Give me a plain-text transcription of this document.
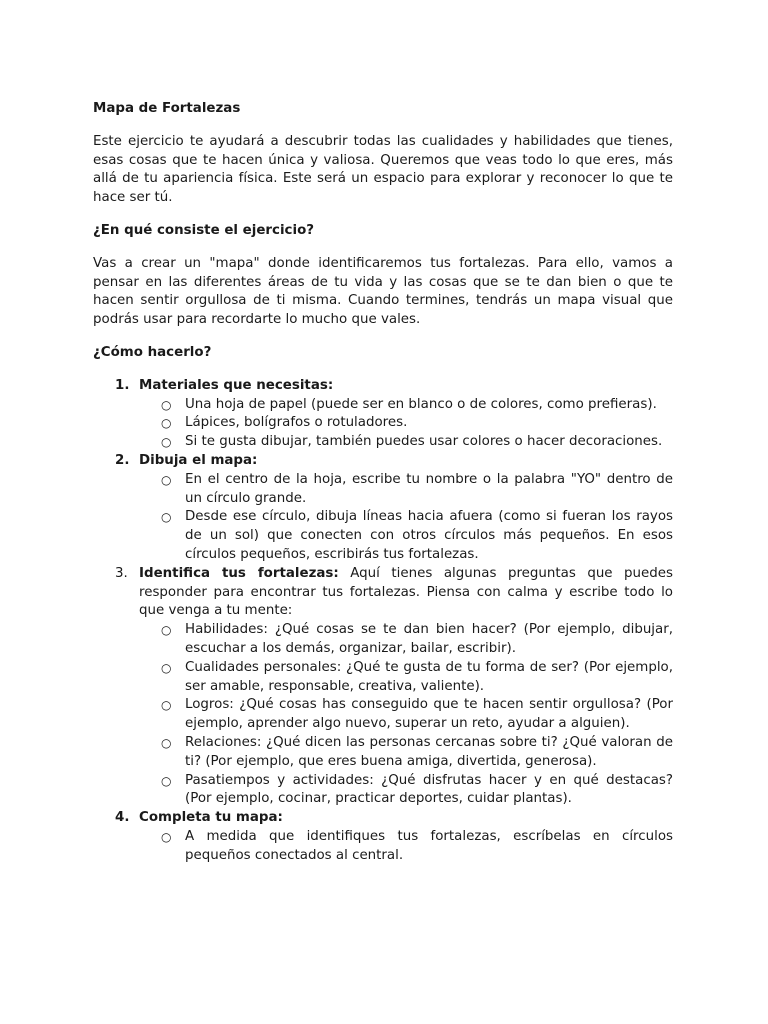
Mapa de Fortalezas

Este ejercicio te ayudará a descubrir todas las cualidades y habilidades que tienes, esas cosas que te hacen única y valiosa. Queremos que veas todo lo que eres, más allá de tu apariencia física. Este será un espacio para explorar y reconocer lo que te hace ser tú.

¿En qué consiste el ejercicio?

Vas a crear un "mapa" donde identificaremos tus fortalezas. Para ello, vamos a pensar en las diferentes áreas de tu vida y las cosas que se te dan bien o que te hacen sentir orgullosa de ti misma. Cuando termines, tendrás un mapa visual que podrás usar para recordarte lo mucho que vales.

¿Cómo hacerlo?
1. Materiales que necesitas:
○ Una hoja de papel (puede ser en blanco o de colores, como prefieras).
○ Lápices, bolígrafos o rotuladores.
○ Si te gusta dibujar, también puedes usar colores o hacer decoraciones.
2. Dibuja el mapa:
○ En el centro de la hoja, escribe tu nombre o la palabra "YO" dentro de un círculo grande.
○ Desde ese círculo, dibuja líneas hacia afuera (como si fueran los rayos de un sol) que conecten con otros círculos más pequeños. En esos círculos pequeños, escribirás tus fortalezas.
3. Identifica tus fortalezas: Aquí tienes algunas preguntas que puedes responder para encontrar tus fortalezas. Piensa con calma y escribe todo lo que venga a tu mente:
○ Habilidades: ¿Qué cosas se te dan bien hacer? (Por ejemplo, dibujar, escuchar a los demás, organizar, bailar, escribir).
○ Cualidades personales: ¿Qué te gusta de tu forma de ser? (Por ejemplo, ser amable, responsable, creativa, valiente).
○ Logros: ¿Qué cosas has conseguido que te hacen sentir orgullosa? (Por ejemplo, aprender algo nuevo, superar un reto, ayudar a alguien).
○ Relaciones: ¿Qué dicen las personas cercanas sobre ti? ¿Qué valoran de ti? (Por ejemplo, que eres buena amiga, divertida, generosa).
○ Pasatiempos y actividades: ¿Qué disfrutas hacer y en qué destacas? (Por ejemplo, cocinar, practicar deportes, cuidar plantas).
4. Completa tu mapa:
○ A medida que identifiques tus fortalezas, escríbelas en círculos pequeños conectados al central.
